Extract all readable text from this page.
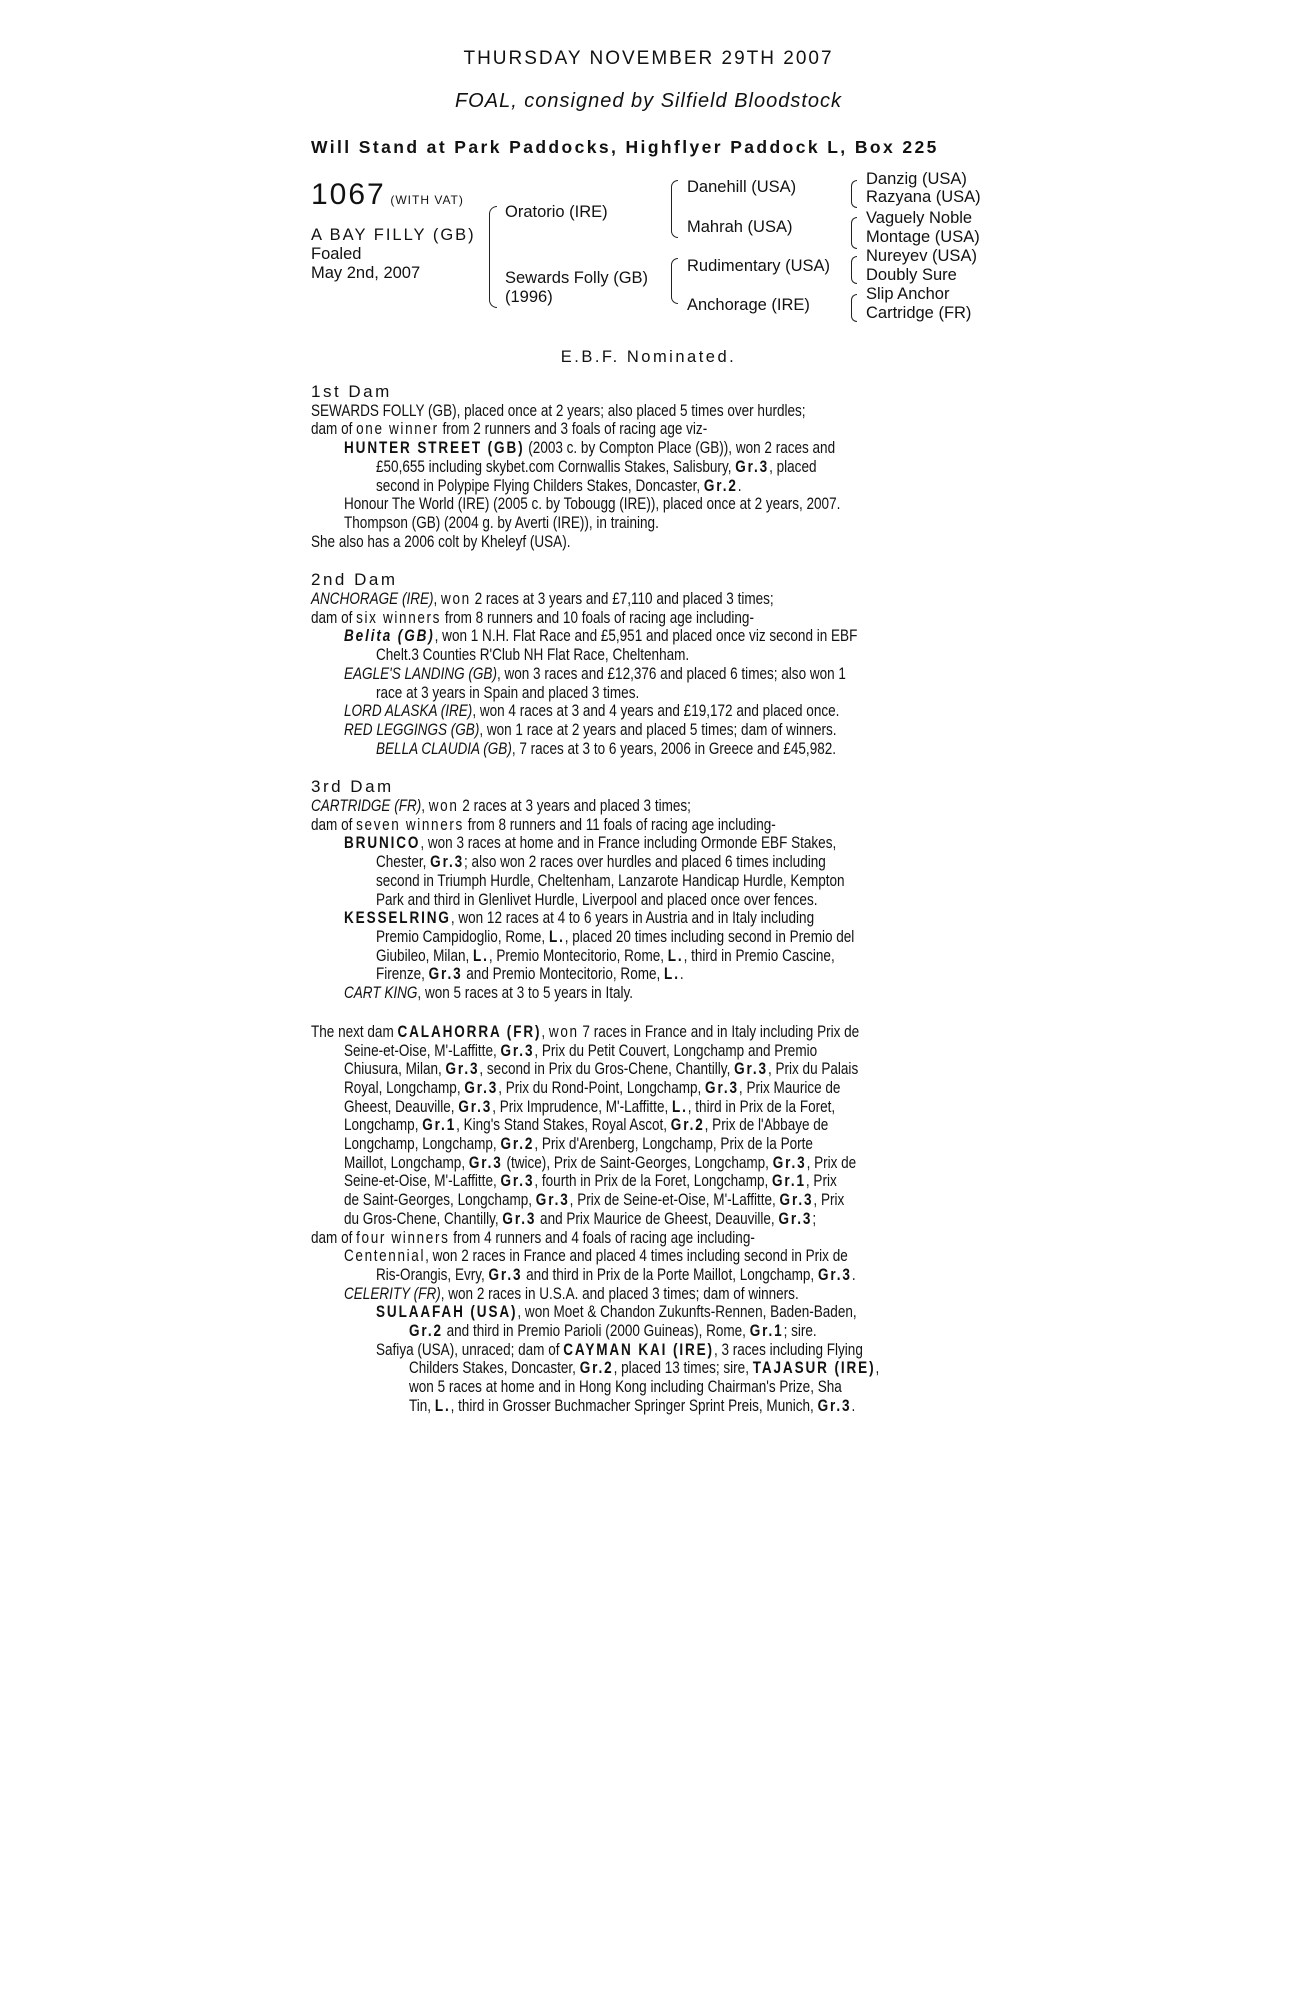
THURSDAY NOVEMBER 29TH 2007
FOAL, consigned by Silfield Bloodstock
Will Stand at Park Paddocks, Highflyer Paddock L, Box 225
1067 (WITH VAT)
A BAY FILLY (GB)
Foaled
May 2nd, 2007
Oratorio (IRE)
Sewards Folly (GB)
(1996)
Danehill (USA)
Mahrah (USA)
Rudimentary (USA)
Anchorage (IRE)
Danzig (USA)
Razyana (USA)
Vaguely Noble
Montage (USA)
Nureyev (USA)
Doubly Sure
Slip Anchor
Cartridge (FR)
E.B.F. Nominated.
1st Dam
SEWARDS FOLLY (GB), placed once at 2 years; also placed 5 times over hurdles;
dam of one winner from 2 runners and 3 foals of racing age viz-
HUNTER STREET (GB) (2003 c. by Compton Place (GB)), won 2 races and
£50,655 including skybet.com Cornwallis Stakes, Salisbury, Gr.3, placed
second in Polypipe Flying Childers Stakes, Doncaster, Gr.2.
Honour The World (IRE) (2005 c. by Tobougg (IRE)), placed once at 2 years, 2007.
Thompson (GB) (2004 g. by Averti (IRE)), in training.
She also has a 2006 colt by Kheleyf (USA).
2nd Dam
ANCHORAGE (IRE), won 2 races at 3 years and £7,110 and placed 3 times;
dam of six winners from 8 runners and 10 foals of racing age including-
Belita (GB), won 1 N.H. Flat Race and £5,951 and placed once viz second in EBF
Chelt.3 Counties R'Club NH Flat Race, Cheltenham.
EAGLE'S LANDING (GB), won 3 races and £12,376 and placed 6 times; also won 1
race at 3 years in Spain and placed 3 times.
LORD ALASKA (IRE), won 4 races at 3 and 4 years and £19,172 and placed once.
RED LEGGINGS (GB), won 1 race at 2 years and placed 5 times; dam of winners.
BELLA CLAUDIA (GB), 7 races at 3 to 6 years, 2006 in Greece and £45,982.
3rd Dam
CARTRIDGE (FR), won 2 races at 3 years and placed 3 times;
dam of seven winners from 8 runners and 11 foals of racing age including-
BRUNICO, won 3 races at home and in France including Ormonde EBF Stakes,
Chester, Gr.3; also won 2 races over hurdles and placed 6 times including
second in Triumph Hurdle, Cheltenham, Lanzarote Handicap Hurdle, Kempton
Park and third in Glenlivet Hurdle, Liverpool and placed once over fences.
KESSELRING, won 12 races at 4 to 6 years in Austria and in Italy including
Premio Campidoglio, Rome, L., placed 20 times including second in Premio del
Giubileo, Milan, L., Premio Montecitorio, Rome, L., third in Premio Cascine,
Firenze, Gr.3 and Premio Montecitorio, Rome, L..
CART KING, won 5 races at 3 to 5 years in Italy.
The next dam CALAHORRA (FR), won 7 races in France and in Italy including Prix de
Seine-et-Oise, M'-Laffitte, Gr.3, Prix du Petit Couvert, Longchamp and Premio
Chiusura, Milan, Gr.3, second in Prix du Gros-Chene, Chantilly, Gr.3, Prix du Palais
Royal, Longchamp, Gr.3, Prix du Rond-Point, Longchamp, Gr.3, Prix Maurice de
Gheest, Deauville, Gr.3, Prix Imprudence, M'-Laffitte, L., third in Prix de la Foret,
Longchamp, Gr.1, King's Stand Stakes, Royal Ascot, Gr.2, Prix de l'Abbaye de
Longchamp, Longchamp, Gr.2, Prix d'Arenberg, Longchamp, Prix de la Porte
Maillot, Longchamp, Gr.3 (twice), Prix de Saint-Georges, Longchamp, Gr.3, Prix de
Seine-et-Oise, M'-Laffitte, Gr.3, fourth in Prix de la Foret, Longchamp, Gr.1, Prix
de Saint-Georges, Longchamp, Gr.3, Prix de Seine-et-Oise, M'-Laffitte, Gr.3, Prix
du Gros-Chene, Chantilly, Gr.3 and Prix Maurice de Gheest, Deauville, Gr.3;
dam of four winners from 4 runners and 4 foals of racing age including-
Centennial, won 2 races in France and placed 4 times including second in Prix de
Ris-Orangis, Evry, Gr.3 and third in Prix de la Porte Maillot, Longchamp, Gr.3.
CELERITY (FR), won 2 races in U.S.A. and placed 3 times; dam of winners.
SULAAFAH (USA), won Moet & Chandon Zukunfts-Rennen, Baden-Baden,
Gr.2 and third in Premio Parioli (2000 Guineas), Rome, Gr.1; sire.
Safiya (USA), unraced; dam of CAYMAN KAI (IRE), 3 races including Flying
Childers Stakes, Doncaster, Gr.2, placed 13 times; sire, TAJASUR (IRE),
won 5 races at home and in Hong Kong including Chairman's Prize, Sha
Tin, L., third in Grosser Buchmacher Springer Sprint Preis, Munich, Gr.3.
